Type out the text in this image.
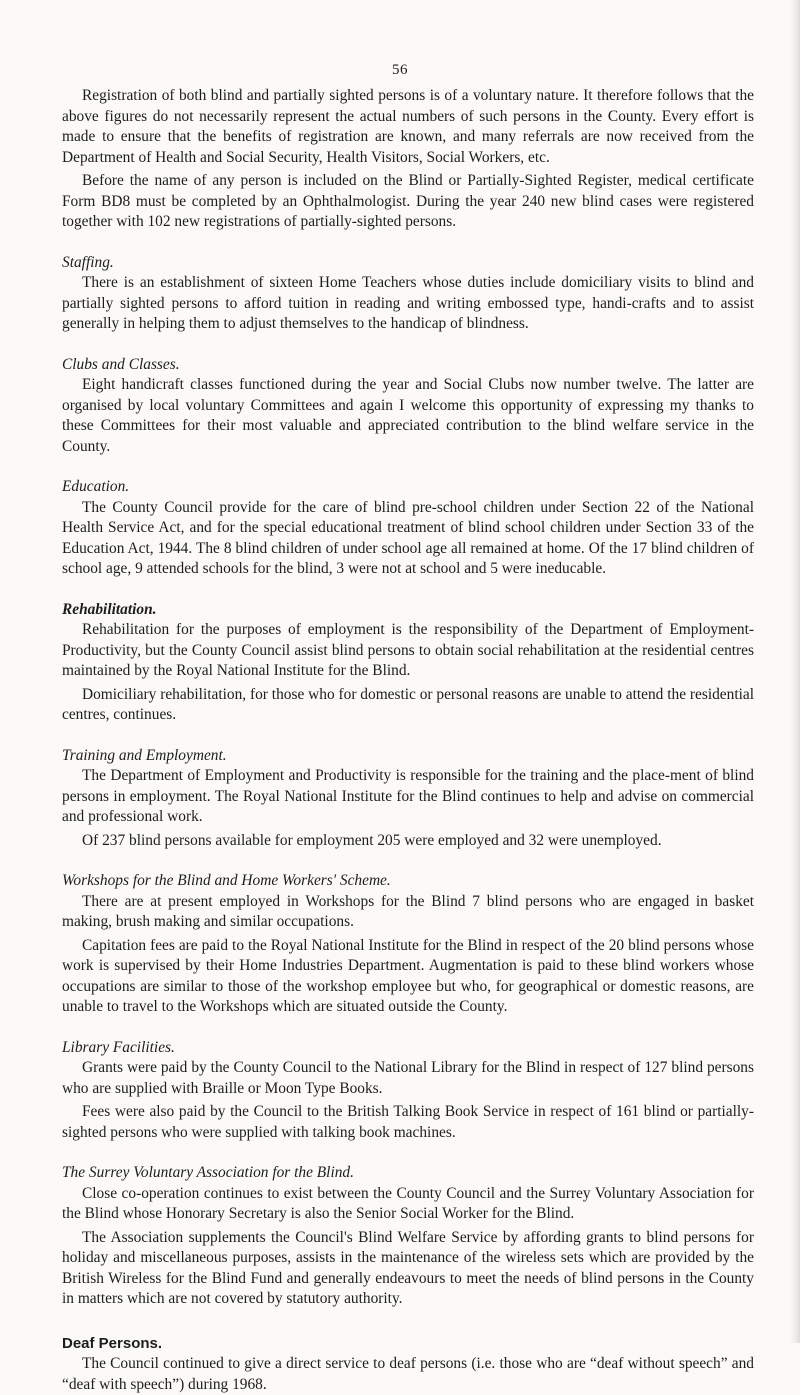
56

Registration of both blind and partially sighted persons is of a voluntary nature. It therefore follows that the above figures do not necessarily represent the actual numbers of such persons in the County. Every effort is made to ensure that the benefits of registration are known, and many referrals are now received from the Department of Health and Social Security, Health Visitors, Social Workers, etc.

Before the name of any person is included on the Blind or Partially-Sighted Register, medical certificate Form BD8 must be completed by an Ophthalmologist. During the year 240 new blind cases were registered together with 102 new registrations of partially-sighted persons.

Staffing.

There is an establishment of sixteen Home Teachers whose duties include domiciliary visits to blind and partially sighted persons to afford tuition in reading and writing embossed type, handi-crafts and to assist generally in helping them to adjust themselves to the handicap of blindness.

Clubs and Classes.

Eight handicraft classes functioned during the year and Social Clubs now number twelve. The latter are organised by local voluntary Committees and again I welcome this opportunity of expressing my thanks to these Committees for their most valuable and appreciated contribution to the blind welfare service in the County.

Education.

The County Council provide for the care of blind pre-school children under Section 22 of the National Health Service Act, and for the special educational treatment of blind school children under Section 33 of the Education Act, 1944. The 8 blind children of under school age all remained at home. Of the 17 blind children of school age, 9 attended schools for the blind, 3 were not at school and 5 were ineducable.

Rehabilitation.

Rehabilitation for the purposes of employment is the responsibility of the Department of Employment-Productivity, but the County Council assist blind persons to obtain social rehabilitation at the residential centres maintained by the Royal National Institute for the Blind.

Domiciliary rehabilitation, for those who for domestic or personal reasons are unable to attend the residential centres, continues.

Training and Employment.

The Department of Employment and Productivity is responsible for the training and the place-ment of blind persons in employment. The Royal National Institute for the Blind continues to help and advise on commercial and professional work.

Of 237 blind persons available for employment 205 were employed and 32 were unemployed.

Workshops for the Blind and Home Workers' Scheme.

There are at present employed in Workshops for the Blind 7 blind persons who are engaged in basket making, brush making and similar occupations.

Capitation fees are paid to the Royal National Institute for the Blind in respect of the 20 blind persons whose work is supervised by their Home Industries Department. Augmentation is paid to these blind workers whose occupations are similar to those of the workshop employee but who, for geographical or domestic reasons, are unable to travel to the Workshops which are situated outside the County.

Library Facilities.

Grants were paid by the County Council to the National Library for the Blind in respect of 127 blind persons who are supplied with Braille or Moon Type Books.

Fees were also paid by the Council to the British Talking Book Service in respect of 161 blind or partially-sighted persons who were supplied with talking book machines.

The Surrey Voluntary Association for the Blind.

Close co-operation continues to exist between the County Council and the Surrey Voluntary Association for the Blind whose Honorary Secretary is also the Senior Social Worker for the Blind.

The Association supplements the Council's Blind Welfare Service by affording grants to blind persons for holiday and miscellaneous purposes, assists in the maintenance of the wireless sets which are provided by the British Wireless for the Blind Fund and generally endeavours to meet the needs of blind persons in the County in matters which are not covered by statutory authority.

Deaf Persons.

The Council continued to give a direct service to deaf persons (i.e. those who are “deaf without speech” and “deaf with speech”) during 1968.
